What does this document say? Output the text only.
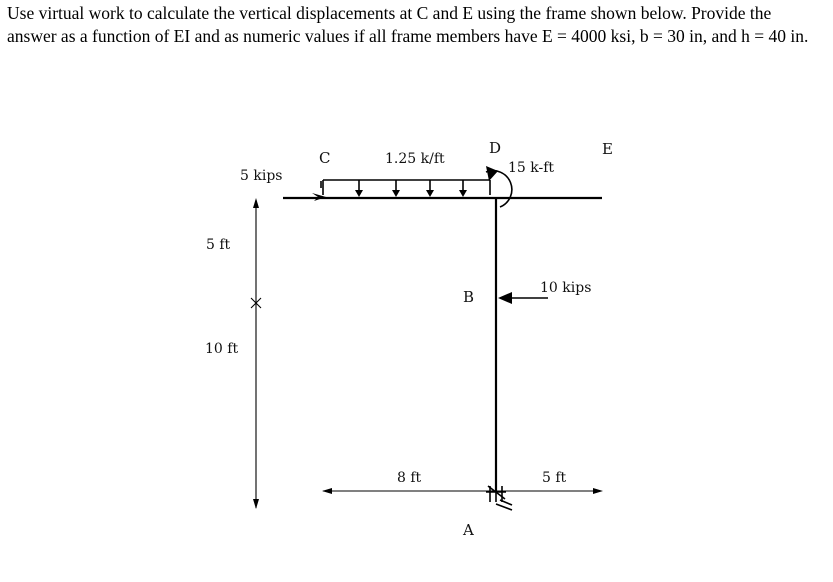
Use virtual work to calculate the vertical displacements at C and E using the frame shown below. Provide the answer as a function of EI and as numeric values if all frame members have E = 4000 ksi, b = 30 in, and h = 40 in.

C	1.25 k/ft
D
15 k-ft
E
5 kips
5 ft
10 ft
B	10 kips
8 ft	5 ft
A
